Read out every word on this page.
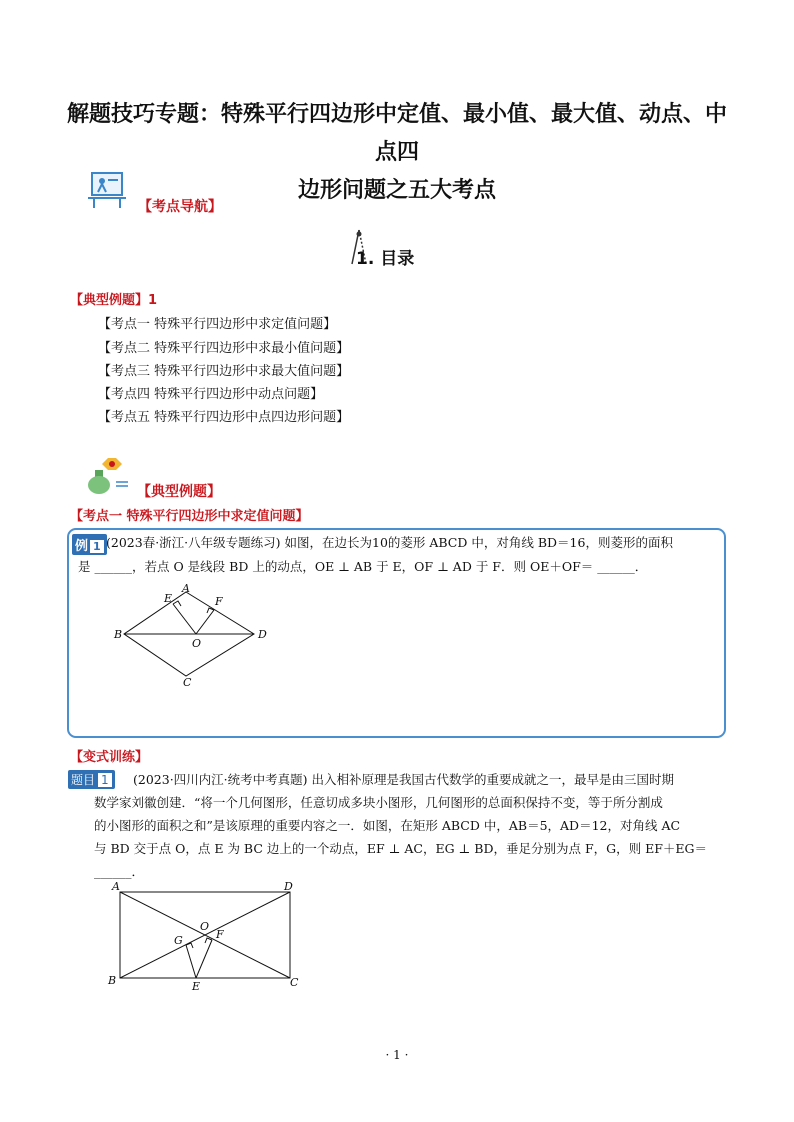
解题技巧专题：特殊平行四边形中定值、最小值、最大值、动点、中点四
边形问题之五大考点
【考点导航】
1. 目录
【典型例题】1
【考点一 特殊平行四边形中求定值问题】
【考点二 特殊平行四边形中求最小值问题】
【考点三 特殊平行四边形中求最大值问题】
【考点四 特殊平行四边形中动点问题】
【考点五 特殊平行四边形中点四边形问题】
【典型例题】
【考点一 特殊平行四边形中求定值问题】
例 1 (2023春·浙江·八年级专题练习) 如图，在边长为10的菱形 ABCD 中，对角线 BD＝16，则菱形的面积
是 ______，若点 O 是线段 BD 上的动点，OE ⊥ AB 于 E，OF ⊥ AD 于 F．则 OE＋OF＝ ______．
A
B	D
C
E	F
O
【变式训练】
题目 1	(2023·四川内江·统考中考真题) 出入相补原理是我国古代数学的重要成就之一，最早是由三国时期
数学家刘徽创建．“将一个几何图形，任意切成多块小图形，几何图形的总面积保持不变，等于所分割成
的小图形的面积之和”是该原理的重要内容之一．如图，在矩形 ABCD 中，AB＝5，AD＝12，对角线 AC
与 BD 交于点 O，点 E 为 BC 边上的一个动点，EF ⊥ AC，EG ⊥ BD，垂足分别为点 F，G，则 EF＋EG＝
______．
A	D
B	C
E
G	F
O
· 1 ·
